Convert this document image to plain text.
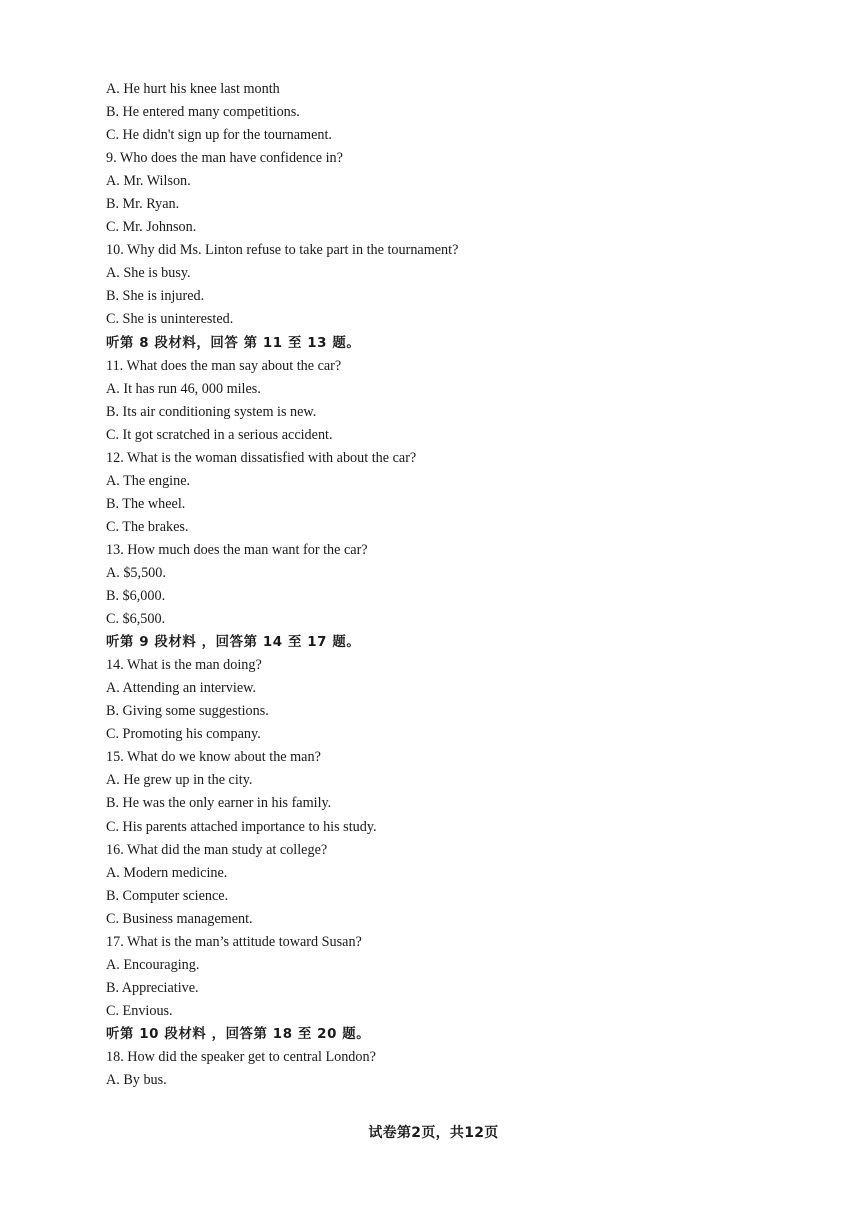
A. He hurt his knee last month
B. He entered many competitions.
C. He didn't sign up for the tournament.
9. Who does the man have confidence in?
A. Mr. Wilson.
B. Mr. Ryan.
C. Mr. Johnson.
10. Why did Ms. Linton refuse to take part in the tournament?
A. She is busy.
B. She is injured.
C. She is uninterested.
听第 8 段材料，回答 第 11 至 13 题。
11. What does the man say about the car?
A. It has run 46, 000 miles.
B. Its air conditioning system is new.
C. It got scratched in a serious accident.
12. What is the woman dissatisfied with about the car?
A. The engine.
B. The wheel.
C. The brakes.
13. How much does the man want for the car?
A. $5,500.
B. $6,000.
C. $6,500.
听第 9 段材料 ，回答第 14 至 17 题。
14. What is the man doing?
A. Attending an interview.
B. Giving some suggestions.
C. Promoting his company.
15. What do we know about the man?
A. He grew up in the city.
B. He was the only earner in his family.
C. His parents attached importance to his study.
16. What did the man study at college?
A. Modern medicine.
B. Computer science.
C. Business management.
17. What is the man’s attitude toward Susan?
A. Encouraging.
B. Appreciative.
C. Envious.
听第 10 段材料 ，回答第 18 至 20 题。
18. How did the speaker get to central London?
A. By bus.
试卷第2页，共12页
